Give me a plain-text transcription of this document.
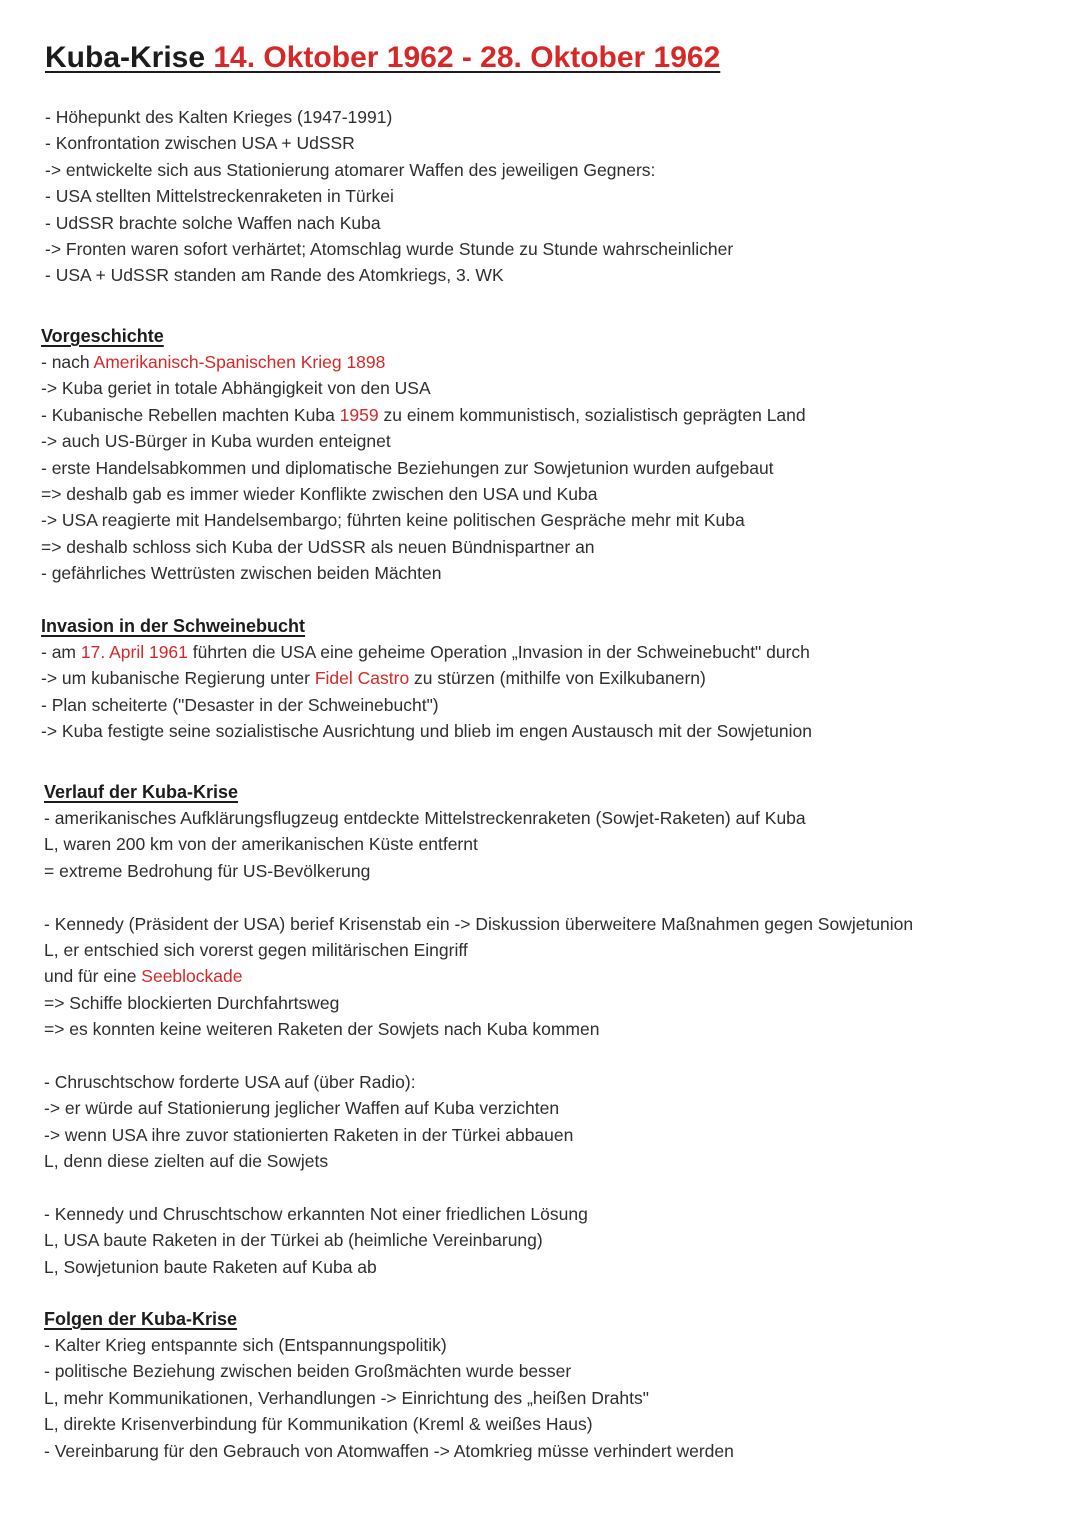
Kuba-Krise 14. Oktober 1962 - 28. Oktober 1962
- Höhepunkt des Kalten Krieges (1947-1991)
- Konfrontation zwischen USA + UdSSR
-> entwickelte sich aus Stationierung atomarer Waffen des jeweiligen Gegners:
- USA stellten Mittelstreckenraketen in Türkei
- UdSSR brachte solche Waffen nach Kuba
-> Fronten waren sofort verhärtet; Atomschlag wurde Stunde zu Stunde wahrscheinlicher
- USA + UdSSR standen am Rande des Atomkriegs, 3. WK
Vorgeschichte
- nach Amerikanisch-Spanischen Krieg 1898
-> Kuba geriet in totale Abhängigkeit von den USA
- Kubanische Rebellen machten Kuba 1959 zu einem kommunistisch, sozialistisch geprägten Land
-> auch US-Bürger in Kuba wurden enteignet
- erste Handelsabkommen und diplomatische Beziehungen zur Sowjetunion wurden aufgebaut
=> deshalb gab es immer wieder Konflikte zwischen den USA und Kuba
-> USA reagierte mit Handelsembargo; führten keine politischen Gespräche mehr mit Kuba
=> deshalb schloss sich Kuba der UdSSR als neuen Bündnispartner an
- gefährliches Wettrüsten zwischen beiden Mächten
Invasion in der Schweinebucht
- am 17. April 1961 führten die USA eine geheime Operation „Invasion in der Schweinebucht" durch
-> um kubanische Regierung unter Fidel Castro zu stürzen (mithilfe von Exilkubanern)
- Plan scheiterte ("Desaster in der Schweinebucht")
-> Kuba festigte seine sozialistische Ausrichtung und blieb im engen Austausch mit der Sowjetunion
Verlauf der Kuba-Krise
- amerikanisches Aufklärungsflugzeug entdeckte Mittelstreckenraketen (Sowjet-Raketen) auf Kuba
L, waren 200 km von der amerikanischen Küste entfernt
= extreme Bedrohung für US-Bevölkerung
- Kennedy (Präsident der USA) berief Krisenstab ein -> Diskussion überweitere Maßnahmen gegen Sowjetunion
L, er entschied sich vorerst gegen militärischen Eingriff
und für eine Seeblockade
=> Schiffe blockierten Durchfahrtsweg
=> es konnten keine weiteren Raketen der Sowjets nach Kuba kommen
- Chruschtschow forderte USA auf (über Radio):
-> er würde auf Stationierung jeglicher Waffen auf Kuba verzichten
-> wenn USA ihre zuvor stationierten Raketen in der Türkei abbauen
L, denn diese zielten auf die Sowjets
- Kennedy und Chruschtschow erkannten Not einer friedlichen Lösung
L, USA baute Raketen in der Türkei ab (heimliche Vereinbarung)
L, Sowjetunion baute Raketen auf Kuba ab
Folgen der Kuba-Krise
- Kalter Krieg entspannte sich (Entspannungspolitik)
- politische Beziehung zwischen beiden Großmächten wurde besser
L, mehr Kommunikationen, Verhandlungen -> Einrichtung des „heißen Drahts"
L, direkte Krisenverbindung für Kommunikation (Kreml & weißes Haus)
- Vereinbarung für den Gebrauch von Atomwaffen -> Atomkrieg müsse verhindert werden
